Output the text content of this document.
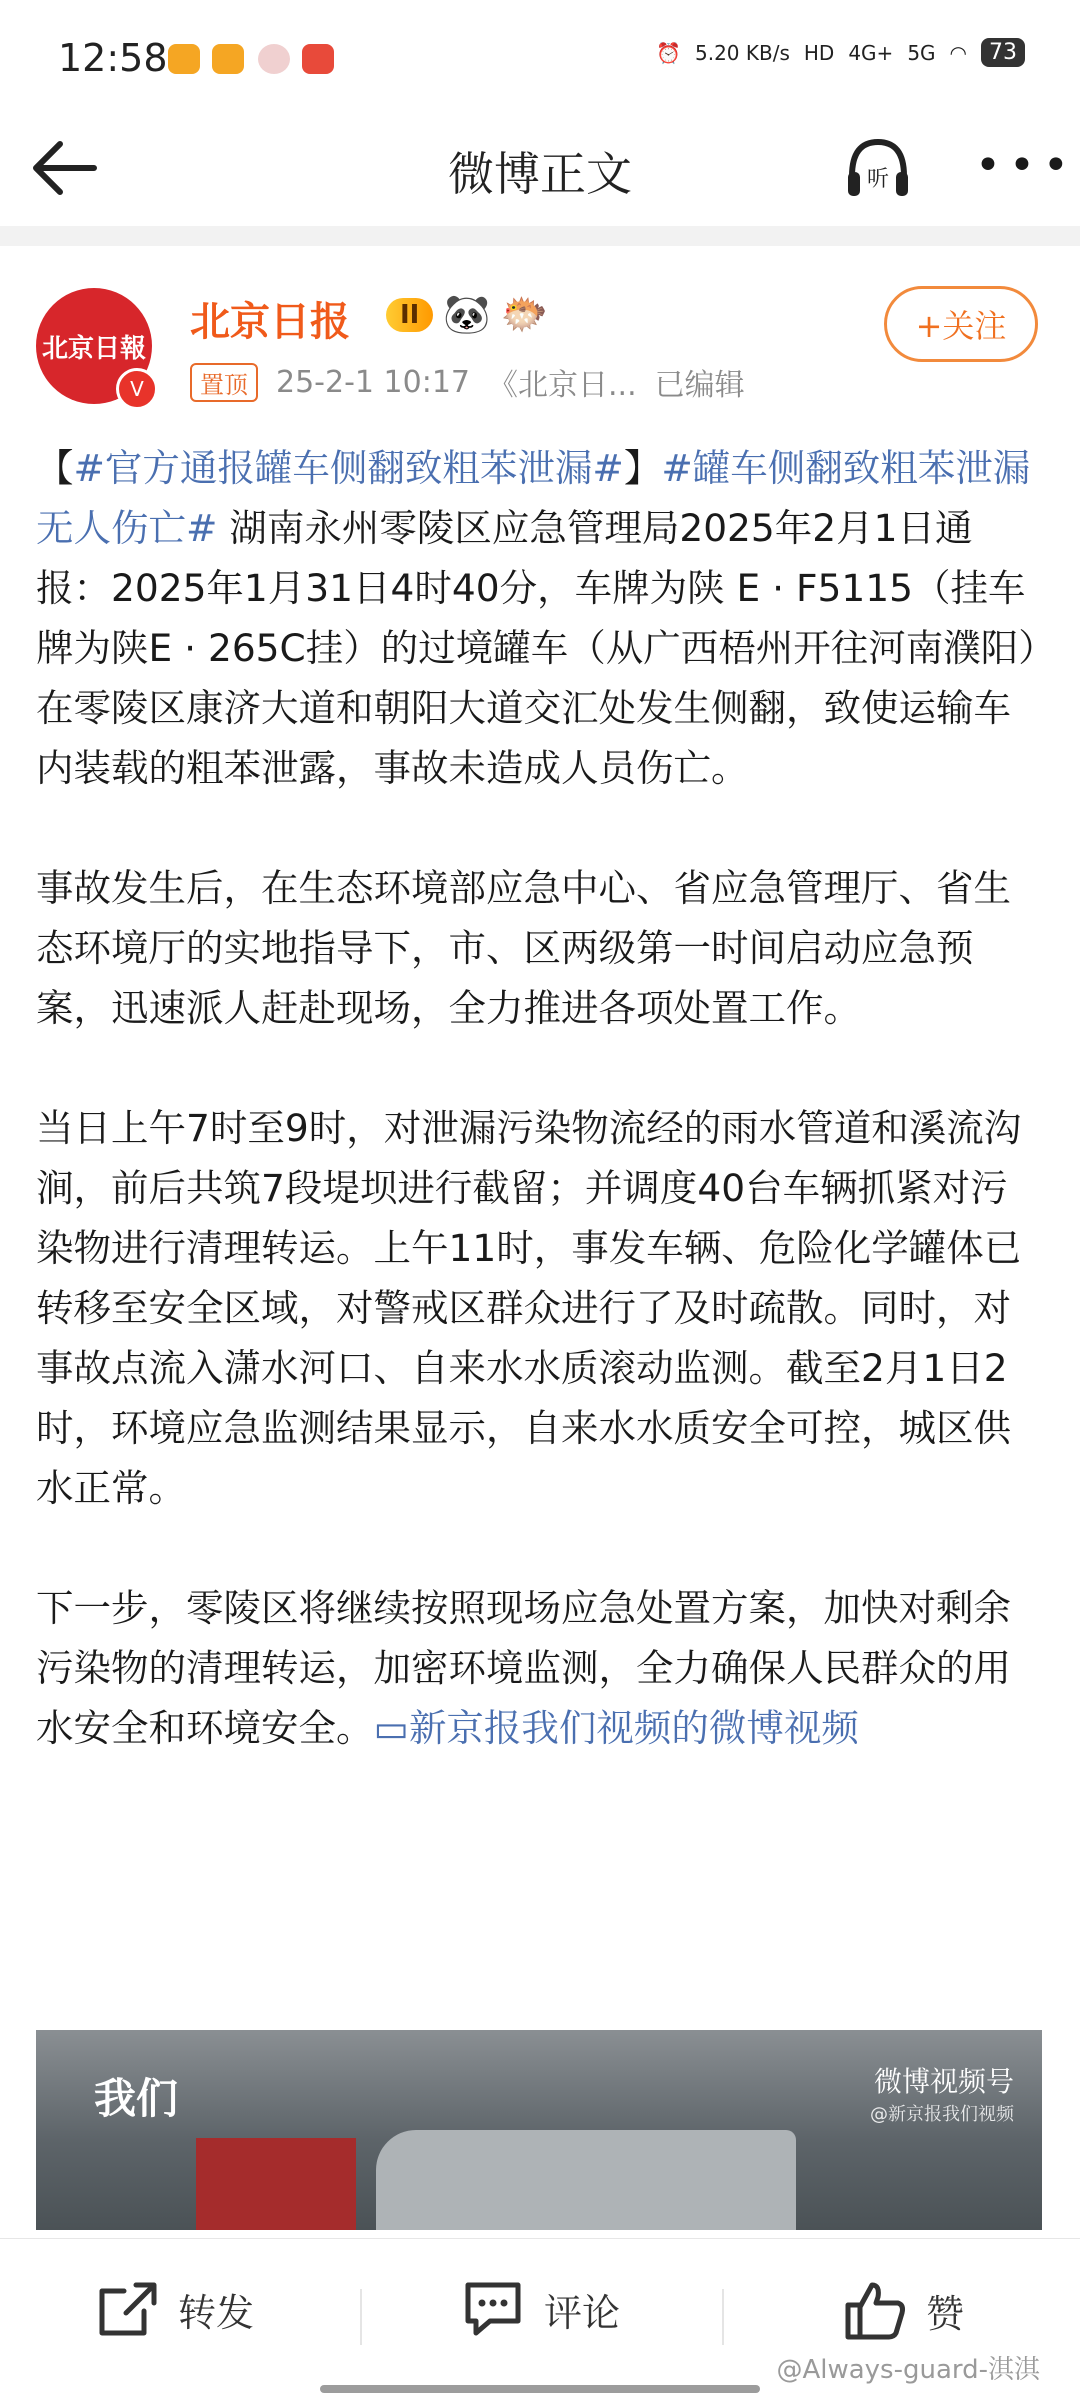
12:58	⏰ 5.20 KB/s HD 4G+ 5G ◠	73
微博正文	听 •••
北京日報
V
北京日报	II 🐼 🐡
置顶 25-2-1 10:17 《北京日... 已编辑
+关注

【#官方通报罐车侧翻致粗苯泄漏#】#罐车侧翻致粗苯泄漏无人伤亡# 湖南永州零陵区应急管理局2025年2月1日通报：2025年1月31日4时40分，车牌为陕 E · F5115（挂车牌为陕E · 265C挂）的过境罐车（从广西梧州开往河南濮阳）在零陵区康济大道和朝阳大道交汇处发生侧翻，致使运输车内装载的粗苯泄露，事故未造成人员伤亡。

事故发生后，在生态环境部应急中心、省应急管理厅、省生态环境厅的实地指导下，市、区两级第一时间启动应急预案，迅速派人赶赴现场，全力推进各项处置工作。

当日上午7时至9时，对泄漏污染物流经的雨水管道和溪流沟涧，前后共筑7段堤坝进行截留；并调度40台车辆抓紧对污染物进行清理转运。上午11时，事发车辆、危险化学罐体已转移至安全区域，对警戒区群众进行了及时疏散。同时，对事故点流入潇水河口、自来水水质滚动监测。截至2月1日2时，环境应急监测结果显示，自来水水质安全可控，城区供水正常。

下一步，零陵区将继续按照现场应急处置方案，加快对剩余污染物的清理转运，加密环境监测，全力确保人民群众的用水安全和环境安全。▭新京报我们视频的微博视频

我们	微博视频号
@新京报我们视频
转发	评论	赞
@Always-guard-淇淇
